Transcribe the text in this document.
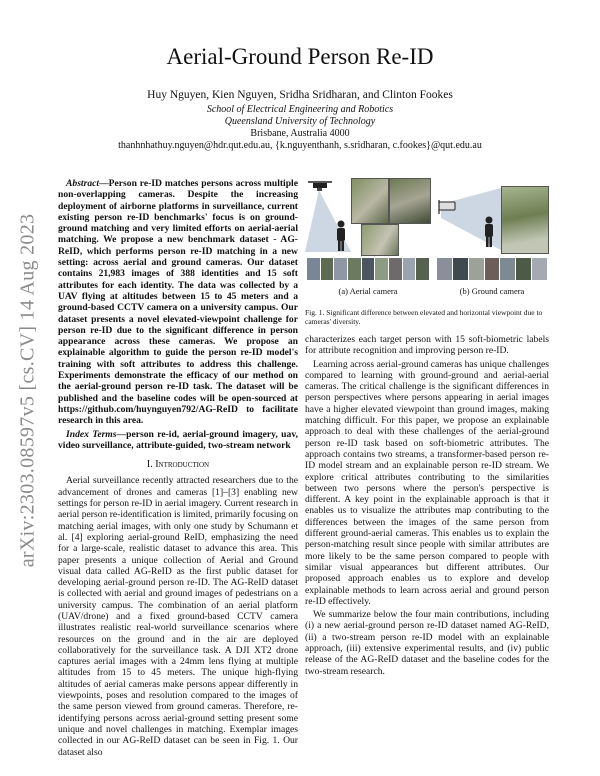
arXiv:2303.08597v5 [cs.CV] 14 Aug 2023
Aerial-Ground Person Re-ID
Huy Nguyen, Kien Nguyen, Sridha Sridharan, and Clinton Fookes
School of Electrical Engineering and Robotics
Queensland University of Technology
Brisbane, Australia 4000
thanhnhathuy.nguyen@hdr.qut.edu.au, {k.nguyenthanh, s.sridharan, c.fookes}@qut.edu.au

Abstract—Person re-ID matches persons across multiple non-overlapping cameras. Despite the increasing deployment of airborne platforms in surveillance, current existing person re-ID benchmarks' focus is on ground-ground matching and very limited efforts on aerial-aerial matching. We propose a new benchmark dataset - AG-ReID, which performs person re-ID matching in a new setting: across aerial and ground cameras. Our dataset contains 21,983 images of 388 identities and 15 soft attributes for each identity. The data was collected by a UAV flying at altitudes between 15 to 45 meters and a ground-based CCTV camera on a university campus. Our dataset presents a novel elevated-viewpoint challenge for person re-ID due to the significant difference in person appearance across these cameras. We propose an explainable algorithm to guide the person re-ID model's training with soft attributes to address this challenge. Experiments demonstrate the efficacy of our method on the aerial-ground person re-ID task. The dataset will be published and the baseline codes will be open-sourced at https://github.com/huynguyen792/AG-ReID to facilitate research in this area.

Index Terms—person re-id, aerial-ground imagery, uav, video surveillance, attribute-guided, two-stream network

I. Introduction

Aerial surveillance recently attracted researchers due to the advancement of drones and cameras [1]–[3] enabling new settings for person re-ID in aerial imagery. Current research in aerial person re-identification is limited, primarily focusing on matching aerial images, with only one study by Schumann et al. [4] exploring aerial-ground ReID, emphasizing the need for a large-scale, realistic dataset to advance this area. This paper presents a unique collection of Aerial and Ground visual data called AG-ReID as the first public dataset for developing aerial-ground person re-ID. The AG-ReID dataset is collected with aerial and ground images of pedestrians on a university campus. The combination of an aerial platform (UAV/drone) and a fixed ground-based CCTV camera illustrates realistic real-world surveillance scenarios where resources on the ground and in the air are deployed collaboratively for the surveillance task. A DJI XT2 drone captures aerial images with a 24mm lens flying at multiple altitudes from 15 to 45 meters. The unique high-flying altitudes of aerial cameras make persons appear differently in viewpoints, poses and resolution compared to the images of the same person viewed from ground cameras. Therefore, re-identifying persons across aerial-ground setting present some unique and novel challenges in matching. Exemplar images collected in our AG-ReID dataset can be seen in Fig. 1. Our dataset also

(a) Aerial camera	(b) Ground camera
Fig. 1. Significant difference between elevated and horizontal viewpoint due to cameras' diversity.

characterizes each target person with 15 soft-biometric labels for attribute recognition and improving person re-ID.

Learning across aerial-ground cameras has unique challenges compared to learning with ground-ground and aerial-aerial cameras. The critical challenge is the significant differences in person perspectives where persons appearing in aerial images have a higher elevated viewpoint than ground images, making matching difficult. For this paper, we propose an explainable approach to deal with these challenges of the aerial-ground person re-ID task based on soft-biometric attributes. The approach contains two streams, a transformer-based person re-ID model stream and an explainable person re-ID stream. We explore critical attributes contributing to the similarities between two persons where the person's perspective is different. A key point in the explainable approach is that it enables us to visualize the attributes map contributing to the differences between the images of the same person from different ground-aerial cameras. This enables us to explain the person-matching result since people with similar attributes are more likely to be the same person compared to people with similar visual appearances but different attributes. Our proposed approach enables us to explore and develop explainable methods to learn across aerial and ground person re-ID effectively.

We summarize below the four main contributions, including (i) a new aerial-ground person re-ID dataset named AG-ReID, (ii) a two-stream person re-ID model with an explainable approach, (iii) extensive experimental results, and (iv) public release of the AG-ReID dataset and the baseline codes for the two-stream research.
